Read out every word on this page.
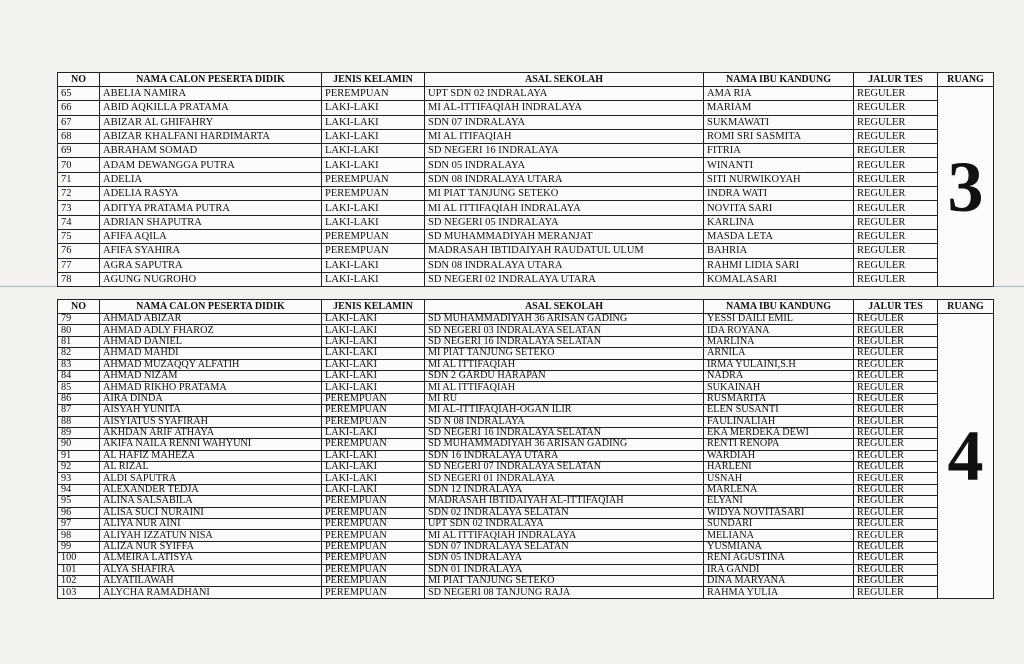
NO	NAMA CALON PESERTA DIDIK	JENIS KELAMIN	ASAL SEKOLAH	NAMA IBU KANDUNG	JALUR TES	RUANG
65	ABELIA NAMIRA	PEREMPUAN	UPT SDN 02 INDRALAYA	AMA RIA	REGULER	3
66	ABID AQKILLA PRATAMA	LAKI-LAKI	MI AL-ITTIFAQIAH INDRALAYA	MARIAM	REGULER	
67	ABIZAR AL GHIFAHRY	LAKI-LAKI	SDN 07 INDRALAYA	SUKMAWATI	REGULER	
68	ABIZAR KHALFANI HARDIMARTA	LAKI-LAKI	MI AL ITIFAQIAH	ROMI SRI SASMITA	REGULER	
69	ABRAHAM SOMAD	LAKI-LAKI	SD NEGERI 16 INDRALAYA	FITRIA	REGULER	
70	ADAM DEWANGGA PUTRA	LAKI-LAKI	SDN 05 INDRALAYA	WINANTI	REGULER	
71	ADELIA	PEREMPUAN	SDN 08 INDRALAYA UTARA	SITI NURWIKOYAH	REGULER	
72	ADELIA RASYA	PEREMPUAN	MI PIAT TANJUNG SETEKO	INDRA WATI	REGULER	
73	ADITYA PRATAMA PUTRA	LAKI-LAKI	MI AL ITTIFAQIAH INDRALAYA	NOVITA SARI	REGULER	
74	ADRIAN SHAPUTRA	LAKI-LAKI	SD NEGERI 05 INDRALAYA	KARLINA	REGULER	
75	AFIFA AQILA	PEREMPUAN	SD MUHAMMADIYAH MERANJAT	MASDA LETA	REGULER	
76	AFIFA SYAHIRA	PEREMPUAN	MADRASAH IBTIDAIYAH RAUDATUL ULUM	BAHRIA	REGULER	
77	AGRA SAPUTRA	LAKI-LAKI	SDN 08 INDRALAYA UTARA	RAHMI LIDIA SARI	REGULER	
78	AGUNG NUGROHO	LAKI-LAKI	SD NEGERI 02 INDRALAYA UTARA	KOMALASARI	REGULER	
NO	NAMA CALON PESERTA DIDIK	JENIS KELAMIN	ASAL SEKOLAH	NAMA IBU KANDUNG	JALUR TES	RUANG
79	AHMAD ABIZAR	LAKI-LAKI	SD MUHAMMADIYAH 36 ARISAN GADING	YESSI DAILI EMIL	REGULER	4
80	AHMAD ADLY FHAROZ	LAKI-LAKI	SD NEGERI 03 INDRALAYA SELATAN	IDA ROYANA	REGULER	
81	AHMAD DANIEL	LAKI-LAKI	SD NEGERI 16 INDRALAYA SELATAN	MARLINA	REGULER	
82	AHMAD MAHDI	LAKI-LAKI	MI PIAT TANJUNG SETEKO	ARNILA	REGULER	
83	AHMAD MUZAQQY ALFATIH	LAKI-LAKI	MI AL ITTIFAQIAH	IRMA YULAINI,S.H	REGULER	
84	AHMAD NIZAM	LAKI-LAKI	SDN 2 GARDU HARAPAN	NADRA	REGULER	
85	AHMAD RIKHO PRATAMA	LAKI-LAKI	MI AL ITTIFAQIAH	SUKAINAH	REGULER	
86	AIRA DINDA	PEREMPUAN	MI RU	RUSMARITA	REGULER	
87	AISYAH YUNITA	PEREMPUAN	MI AL-ITTIFAQIAH-OGAN ILIR	ELEN SUSANTI	REGULER	
88	AISYIATUS SYAFIRAH	PEREMPUAN	SD N 08 INDRALAYA	FAULINALIAH	REGULER	
89	AKHDAN ARIF ATHAYA	LAKI-LAKI	SD NEGERI 16 INDRALAYA SELATAN	EKA MERDEKA DEWI	REGULER	
90	AKIFA NAILA RENNI WAHYUNI	PEREMPUAN	SD MUHAMMADIYAH 36 ARISAN GADING	RENTI RENOPA	REGULER	
91	AL HAFIZ MAHEZA	LAKI-LAKI	SDN 16 INDRALAYA UTARA	WARDIAH	REGULER	
92	AL RIZAL	LAKI-LAKI	SD NEGERI 07 INDRALAYA SELATAN	HARLENI	REGULER	
93	ALDI SAPUTRA	LAKI-LAKI	SD NEGERI 01 INDRALAYA	USNAH	REGULER	
94	ALEXANDER TEDJA	LAKI-LAKI	SDN 12 INDRALAYA	MARLENA	REGULER	
95	ALINA SALSABILA	PEREMPUAN	MADRASAH IBTIDAIYAH AL-ITTIFAQIAH	ELYANI	REGULER	
96	ALISA SUCI NURAINI	PEREMPUAN	SDN 02 INDRALAYA SELATAN	WIDYA NOVITASARI	REGULER	
97	ALIYA NUR AINI	PEREMPUAN	UPT SDN 02 INDRALAYA	SUNDARI	REGULER	
98	ALIYAH IZZATUN NISA	PEREMPUAN	MI AL ITTIFAQIAH INDRALAYA	MELIANA	REGULER	
99	ALIZA NUR SYIFFA	PEREMPUAN	SDN 07 INDRALAYA SELATAN	YUSMIANA	REGULER	
100	ALMEIRA LATISYA	PEREMPUAN	SDN 05 INDRALAYA	RENI AGUSTINA	REGULER	
101	ALYA SHAFIRA	PEREMPUAN	SDN 01 INDRALAYA	IRA GANDI	REGULER	
102	ALYATILAWAH	PEREMPUAN	MI PIAT TANJUNG SETEKO	DINA MARYANA	REGULER	
103	ALYCHA RAMADHANI	PEREMPUAN	SD NEGERI 08 TANJUNG RAJA	RAHMA YULIA	REGULER	
